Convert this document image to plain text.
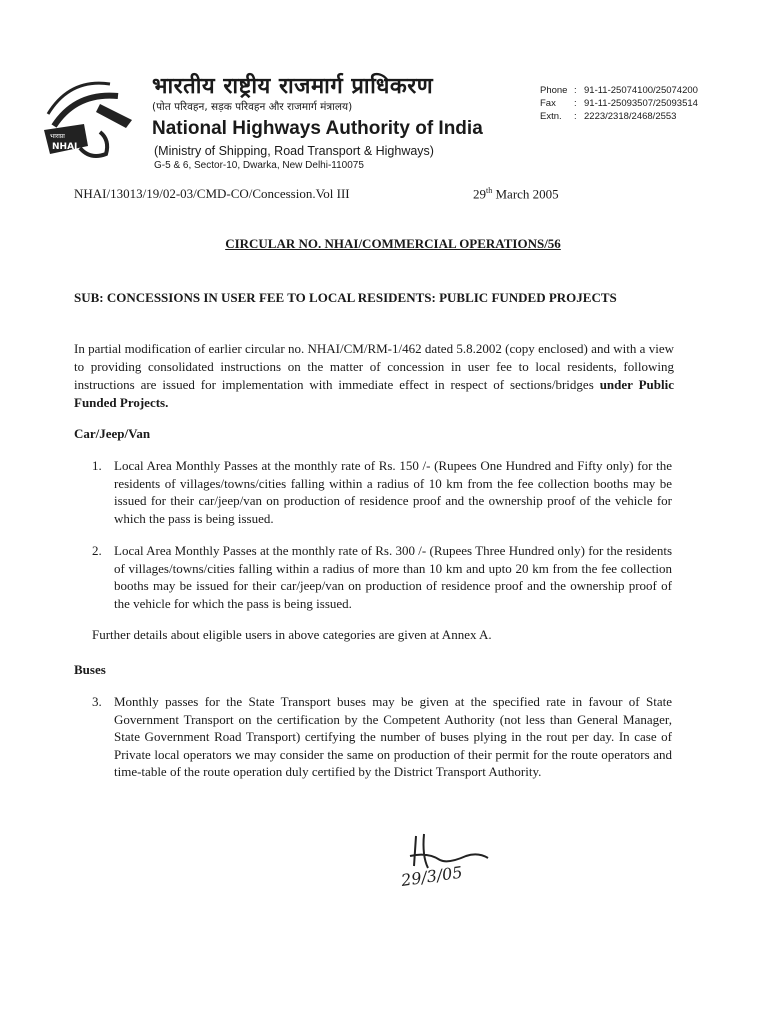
भाराप्रा
NHAI
भारतीय राष्ट्रीय राजमार्ग प्राधिकरण
(पोत परिवहन, सड़क परिवहन और राजमार्ग मंत्रालय)
National Highways Authority of India
(Ministry of Shipping, Road Transport & Highways)
G-5 & 6, Sector-10, Dwarka, New Delhi-110075
Phone : 91-11-25074100/25074200
Fax : 91-11-25093507/25093514
Extn. : 2223/2318/2468/2553
NHAI/13013/19/02-03/CMD-CO/Concession.Vol III	29th March 2005
CIRCULAR NO. NHAI/COMMERCIAL OPERATIONS/56
SUB: CONCESSIONS IN USER FEE TO LOCAL RESIDENTS: PUBLIC FUNDED PROJECTS
In partial modification of earlier circular no. NHAI/CM/RM-1/462 dated 5.8.2002 (copy enclosed) and with a view to providing consolidated instructions on the matter of concession in user fee to local residents, following instructions are issued for implementation with immediate effect in respect of sections/bridges under Public Funded Projects.
Car/Jeep/Van
1. Local Area Monthly Passes at the monthly rate of Rs. 150 /- (Rupees One Hundred and Fifty only) for the residents of villages/towns/cities falling within a radius of 10 km from the fee collection booths may be issued for their car/jeep/van on production of residence proof and the ownership proof of the vehicle for which the pass is being issued.
2. Local Area Monthly Passes at the monthly rate of Rs. 300 /- (Rupees Three Hundred only) for the residents of villages/towns/cities falling within a radius of more than 10 km and upto 20 km from the fee collection booths may be issued for their car/jeep/van on production of residence proof and the ownership proof of the vehicle for which the pass is being issued.
Further details about eligible users in above categories are given at Annex A.
Buses
3. Monthly passes for the State Transport buses may be given at the specified rate in favour of State Government Transport on the certification by the Competent Authority (not less than General Manager, State Government Road Transport) certifying the number of buses plying in the rout per day. In case of Private local operators we may consider the same on production of their permit for the route operators and time-table of the route operation duly certified by the District Transport Authority.
29/3/05
